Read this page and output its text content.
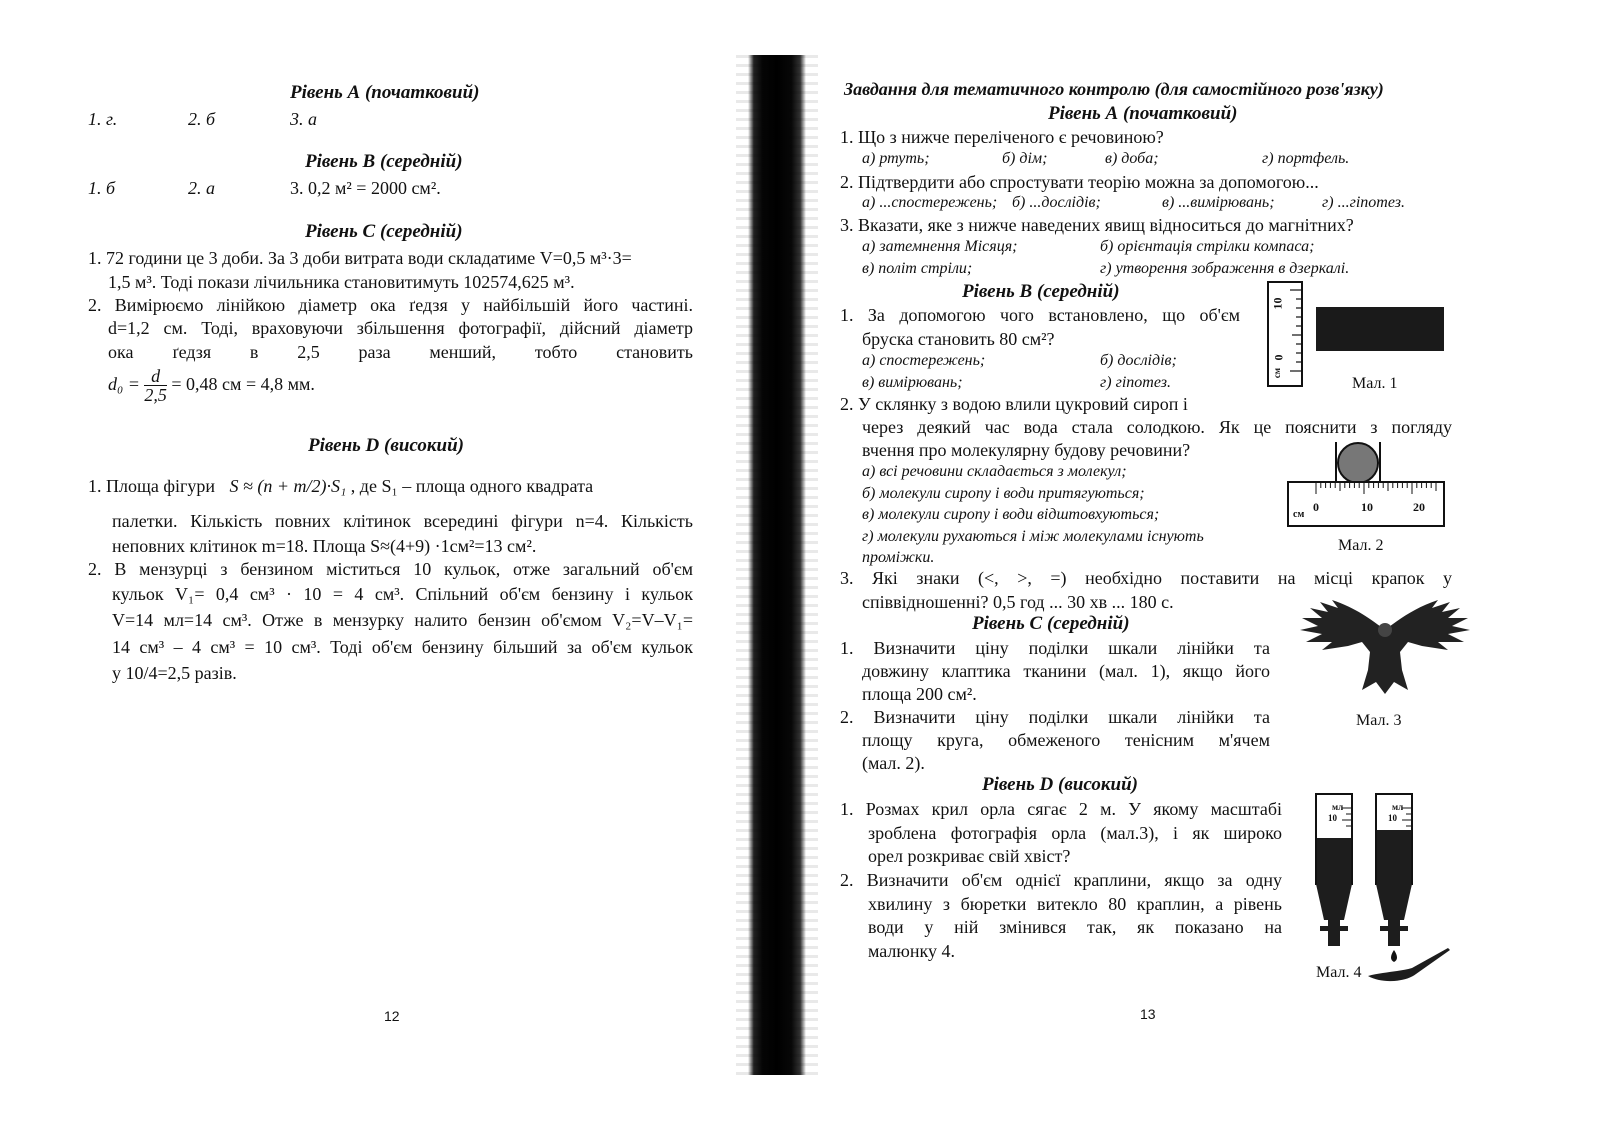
Рівень А (початковий)
1. г.	2. б	3. а
Рівень В (середній)
1. б	2. а	3. 0,2 м² = 2000 см².
Рівень С (середній)
1. 72 години це 3 доби. За 3 доби витрата води складатиме V=0,5 м³·3=
1,5 м³. Тоді покази лічильника становитимуть 102574,625 м³.
2. Вимірюємо лінійкою діаметр ока ґедзя у найбільшій його частині.
d=1,2 см. Тоді, враховуючи збільшення фотографії, дійсний діаметр
ока ґедзя в 2,5 раза менший, тобто становить
$d_0 = \frac{d}{2,5} = 0,48$ см = 4,8 мм.
Рівень D (високий)
1. Площа фігури S ≈ (n + m/2)·S₁ , де S₁ – площа одного квадрата
палетки. Кількість повних клітинок всередині фігури n=4. Кількість
неповних клітинок m=18. Площа S≈(4+9) ·1см²=13 см².
2. В мензурці з бензином міститься 10 кульок, отже загальний об'єм
кульок V₁= 0,4 см³ · 10 = 4 см³. Спільний об'єм бензину і кульок
V=14 мл=14 см³. Отже в мензурку налито бензин об'ємом V₂=V–V₁=
14 см³ – 4 см³ = 10 см³. Тоді об'єм бензину більший за об'єм кульок
у 10/4=2,5 разів.
12
Завдання для тематичного контролю (для самостійного розв'язку)
Рівень А (початковий)
1. Що з нижче переліченого є речовиною?
а) ртуть;	б) дім;	в) доба;	г) портфель.
2. Підтвердити або спростувати теорію можна за допомогою...
а) ...спостережень; б) ...дослідів;	в) ...вимірювань;	г) ...гіпотез.
3. Вказати, яке з нижче наведених явищ відноситься до магнітних?
а) затемнення Місяця;	б) орієнтація стрілки компаса;
в) політ стріли;	г) утворення зображення в дзеркалі.
Рівень В (середній)
1. За допомогою чого встановлено, що об'єм
бруска становить 80 см²?
а) спостережень;	б) дослідів;
в) вимірювань;	г) гіпотез.
2. У склянку з водою влили цукровий сироп і
через деякий час вода стала солодкою. Як це пояснити з погляду
вчення про молекулярну будову речовини?
а) всі речовини складається з молекул;
б) молекули сиропу і води притягуються;
в) молекули сиропу і води відштовхуються;
г) молекули рухаються і між молекулами існують
проміжки.
3. Які знаки (<, >, =) необхідно поставити на місці крапок у
співвідношенні? 0,5 год ... 30 хв ... 180 с.
Рівень С (середній)
1. Визначити ціну поділки шкали лінійки та
довжину клаптика тканини (мал. 1), якщо його
площа 200 см².
2. Визначити ціну поділки шкали лінійки та
площу круга, обмеженого тенісним м'ячем
(мал. 2).
Рівень D (високий)
1. Розмах крил орла сягає 2 м. У якому масштабі
зроблена фотографія орла (мал.3), і як широко
орел розкриває свій хвіст?
2. Визначити об'єм однієї краплини, якщо за одну
хвилину з бюретки витекло 80 краплин, а рівень
води у ній змінився так, як показано на
малюнку 4.
10
0
см
Мал. 1
см
0	10	20
Мал. 2
Мал. 3
мл	мл
10	10
Мал. 4
13
